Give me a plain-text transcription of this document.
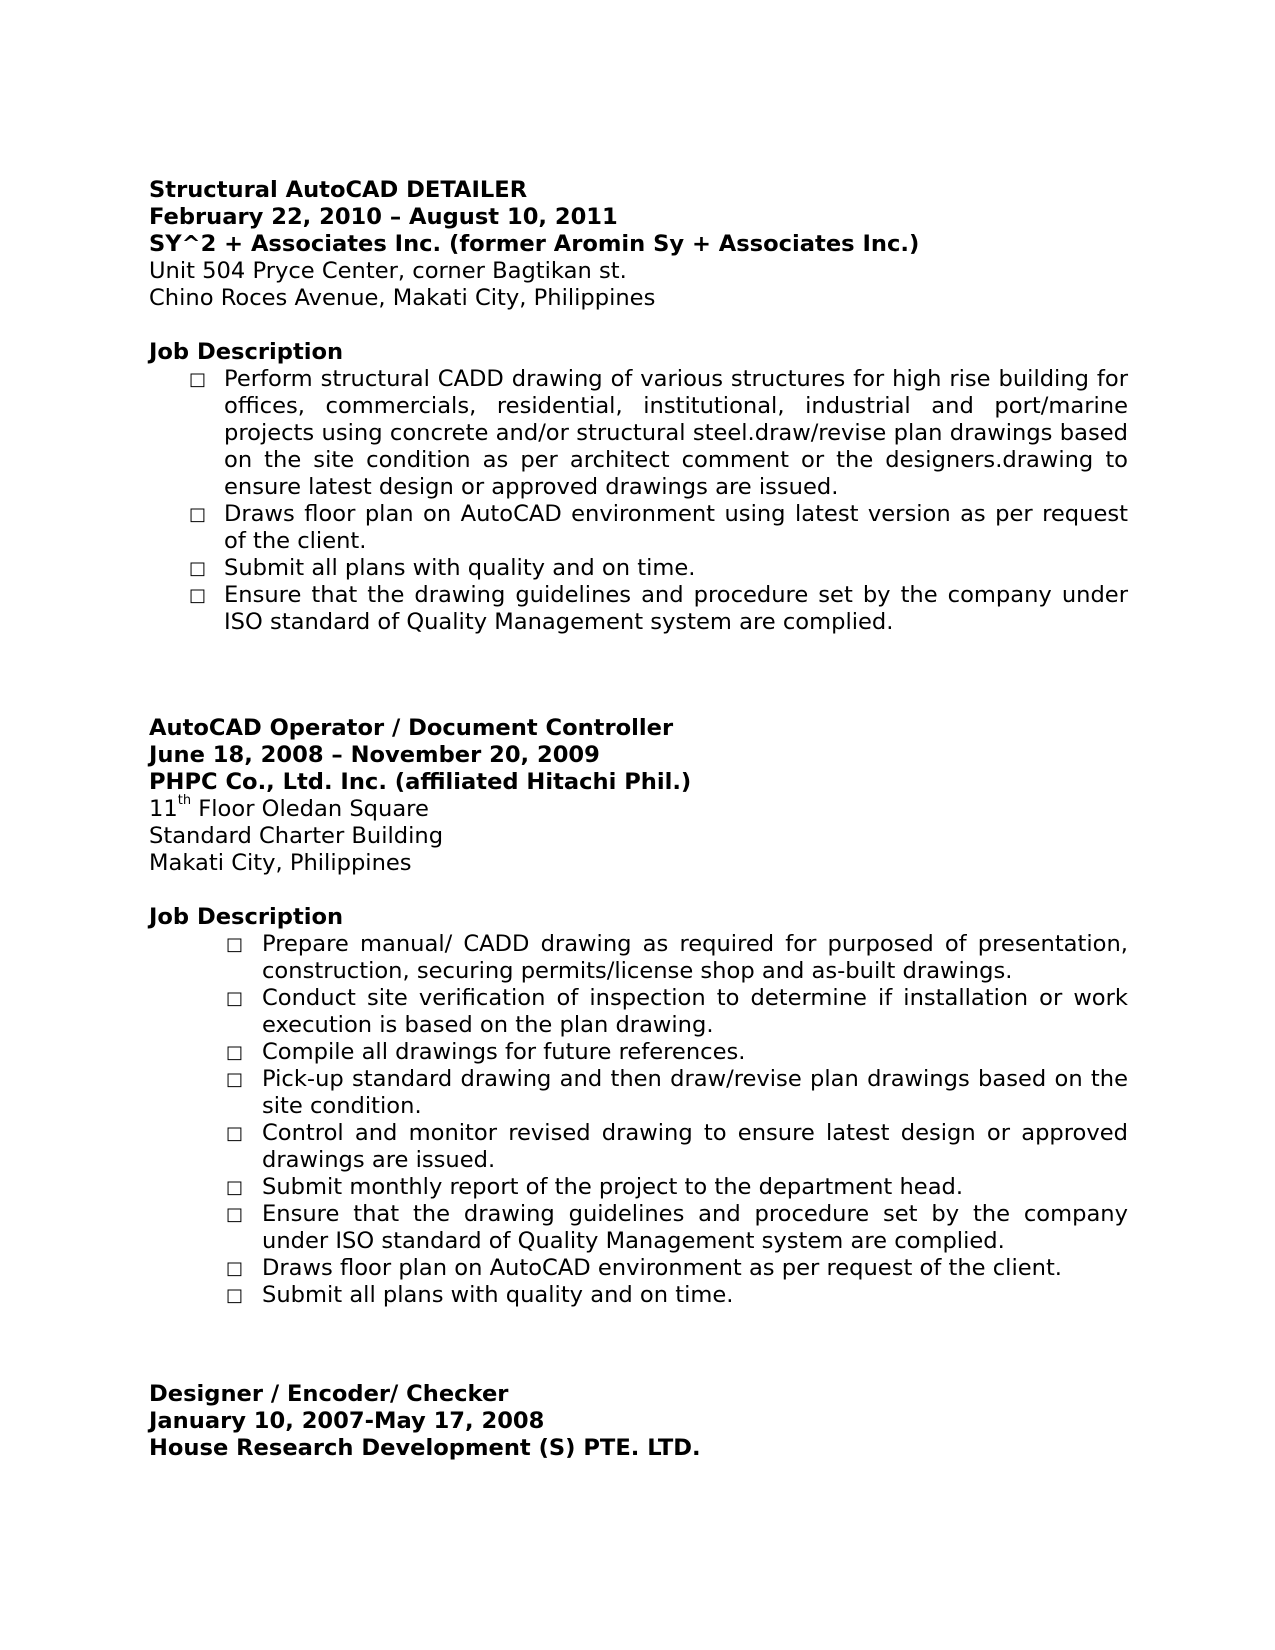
Structural AutoCAD DETAILER
February 22, 2010 – August 10, 2011
SY^2 + Associates Inc. (former Aromin Sy + Associates Inc.)
Unit 504 Pryce Center, corner Bagtikan st.
Chino Roces Avenue, Makati City, Philippines
Job Description
□ Perform structural CADD drawing of various structures for high rise building for offices, commercials, residential, institutional, industrial and port/marine projects using concrete and/or structural steel.draw/revise plan drawings based on the site condition as per architect comment or the designers.drawing to ensure latest design or approved drawings are issued.
□ Draws floor plan on AutoCAD environment using latest version as per request of the client.
□ Submit all plans with quality and on time.
□ Ensure that the drawing guidelines and procedure set by the company under ISO standard of Quality Management system are complied.
AutoCAD Operator / Document Controller
June 18, 2008 – November 20, 2009
PHPC Co., Ltd. Inc. (affiliated Hitachi Phil.)
11th Floor Oledan Square
Standard Charter Building
Makati City, Philippines
Job Description
□ Prepare manual/ CADD drawing as required for purposed of presentation, construction, securing permits/license shop and as-built drawings.
□ Conduct site verification of inspection to determine if installation or work execution is based on the plan drawing.
□ Compile all drawings for future references.
□ Pick-up standard drawing and then draw/revise plan drawings based on the site condition.
□ Control and monitor revised drawing to ensure latest design or approved drawings are issued.
□ Submit monthly report of the project to the department head.
□ Ensure that the drawing guidelines and procedure set by the company under ISO standard of Quality Management system are complied.
□ Draws floor plan on AutoCAD environment as per request of the client.
□ Submit all plans with quality and on time.
Designer / Encoder/ Checker
January 10, 2007-May 17, 2008
House Research Development (S) PTE. LTD.
